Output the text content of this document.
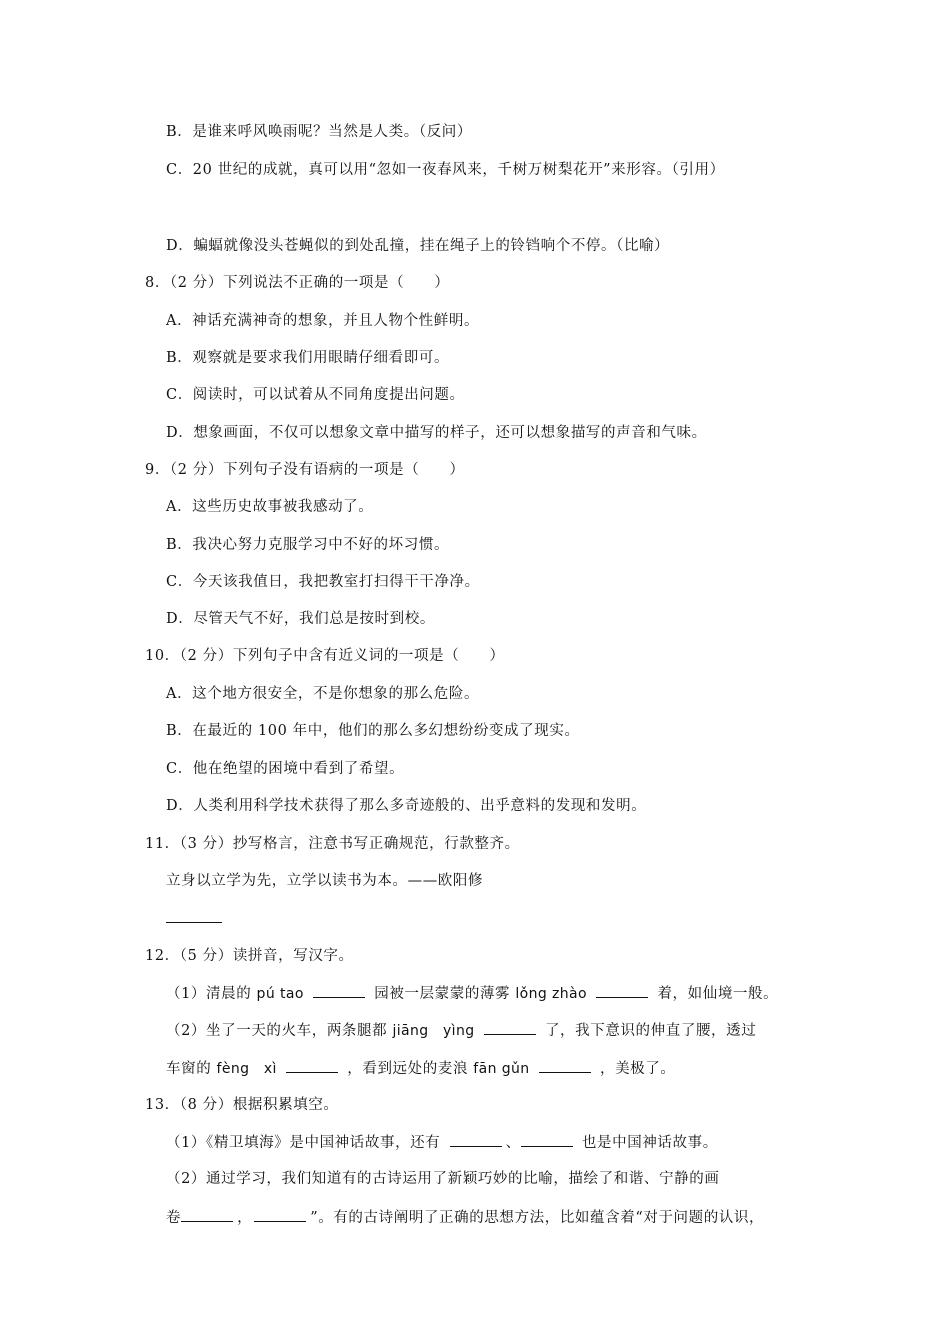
B．是谁来呼风唤雨呢？当然是人类。（反问）
C．20 世纪的成就，真可以用“忽如一夜春风来，千树万树梨花开”来形容。（引用）
D．蝙蝠就像没头苍蝇似的到处乱撞，挂在绳子上的铃铛响个不停。（比喻）
8．（2 分）下列说法不正确的一项是（　　）
A．神话充满神奇的想象，并且人物个性鲜明。
B．观察就是要求我们用眼睛仔细看即可。
C．阅读时，可以试着从不同角度提出问题。
D．想象画面，不仅可以想象文章中描写的样子，还可以想象描写的声音和气味。
9．（2 分）下列句子没有语病的一项是（　　）
A．这些历史故事被我感动了。
B．我决心努力克服学习中不好的坏习惯。
C．今天该我值日，我把教室打扫得干干净净。
D．尽管天气不好，我们总是按时到校。
10．（2 分）下列句子中含有近义词的一项是（　　）
A．这个地方很安全，不是你想象的那么危险。
B．在最近的 100 年中，他们的那么多幻想纷纷变成了现实。
C．他在绝望的困境中看到了希望。
D．人类利用科学技术获得了那么多奇迹般的、出乎意料的发现和发明。
11．（3 分）抄写格言，注意书写正确规范，行款整齐。
立身以立学为先，立学以读书为本。——欧阳修
12．（5 分）读拼音，写汉字。
（1）清晨的 pú tao	园被一层蒙蒙的薄雾 lǒng zhào	着，如仙境一般。
（2）坐了一天的火车，两条腿都 jiāng　yìng	了，我下意识的伸直了腰，透过
车窗的 fèng　xì	，看到远处的麦浪 fān gǔn	，美极了。
13．（8 分）根据积累填空。
（1）《精卫填海》是中国神话故事，还有	、	也是中国神话故事。
（2）通过学习，我们知道有的古诗运用了新颖巧妙的比喻，描绘了和谐、宁静的画
卷	，	”。有的古诗阐明了正确的思想方法，比如蕴含着“对于问题的认识，
